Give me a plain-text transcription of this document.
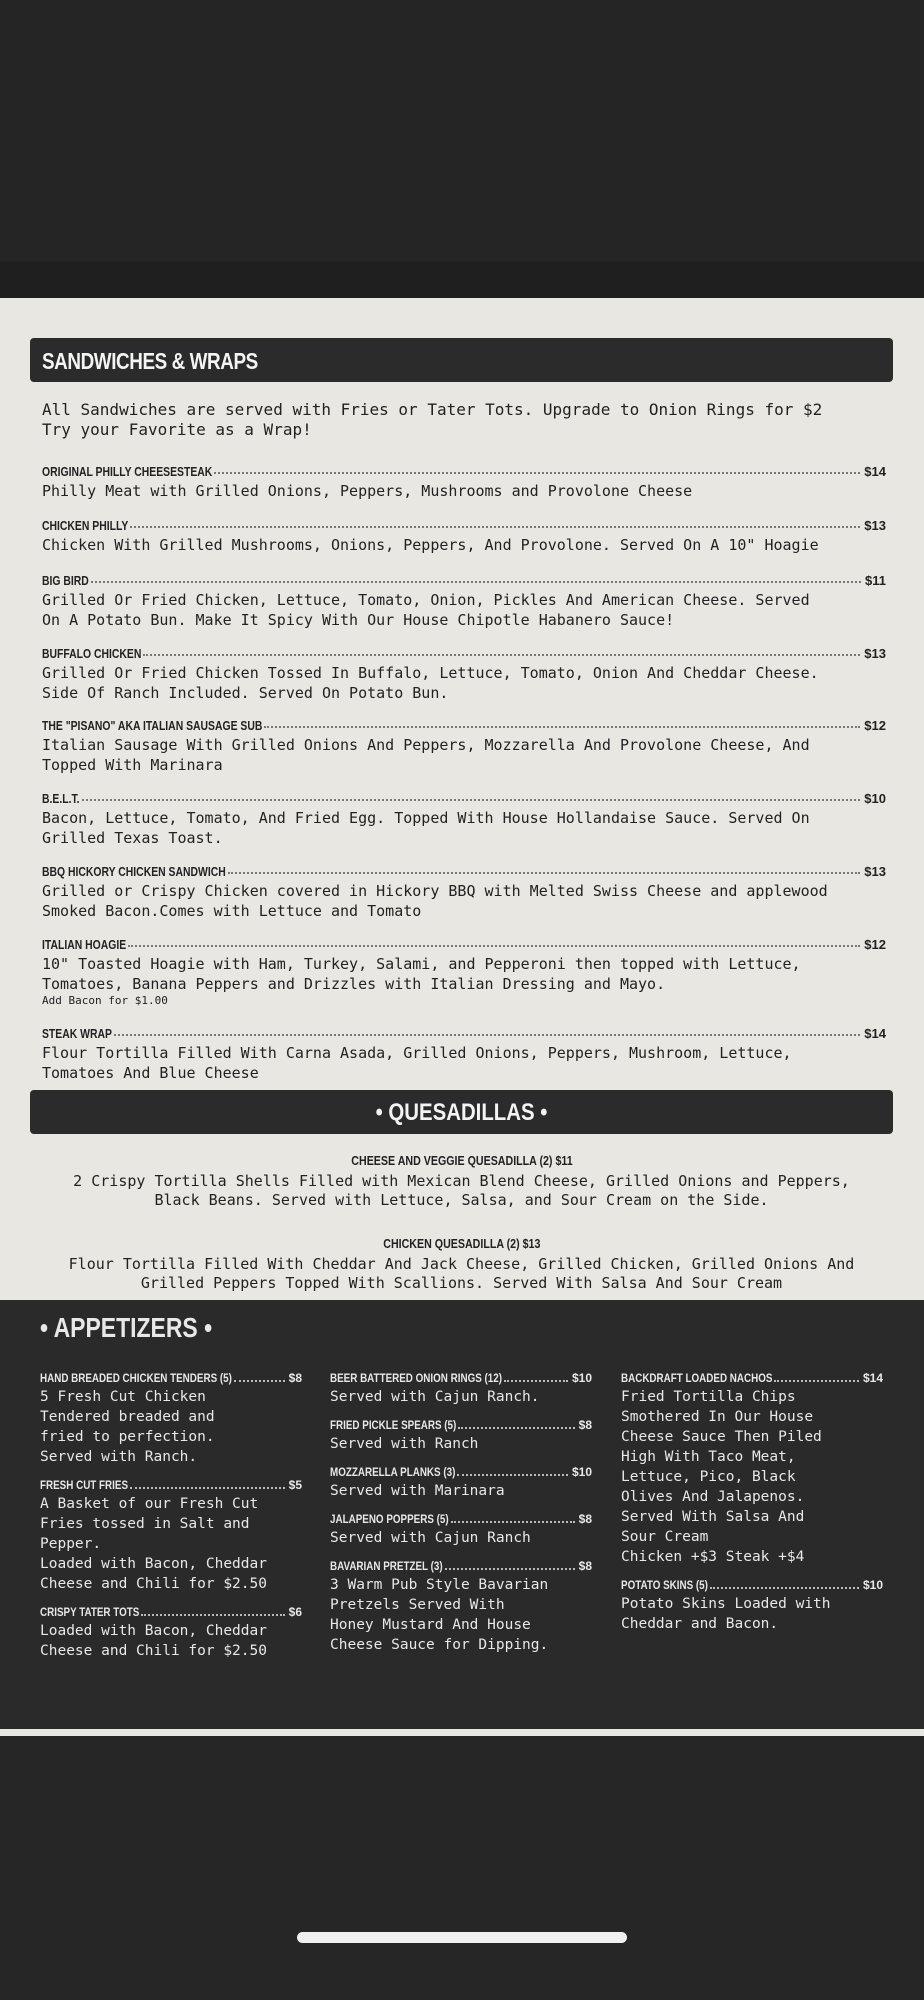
SANDWICHES & WRAPS
All Sandwiches are served with Fries or Tater Tots. Upgrade to Onion Rings for $2
Try your Favorite as a Wrap!
ORIGINAL PHILLY CHEESESTEAK	$14
Philly Meat with Grilled Onions, Peppers, Mushrooms and Provolone Cheese
CHICKEN PHILLY	$13
Chicken With Grilled Mushrooms, Onions, Peppers, And Provolone. Served On A 10" Hoagie
BIG BIRD	$11
Grilled Or Fried Chicken, Lettuce, Tomato, Onion, Pickles And American Cheese. Served
On A Potato Bun. Make It Spicy With Our House Chipotle Habanero Sauce!
BUFFALO CHICKEN	$13
Grilled Or Fried Chicken Tossed In Buffalo, Lettuce, Tomato, Onion And Cheddar Cheese.
Side Of Ranch Included. Served On Potato Bun.
THE "PISANO" AKA ITALIAN SAUSAGE SUB	$12
Italian Sausage With Grilled Onions And Peppers, Mozzarella And Provolone Cheese, And
Topped With Marinara
B.E.L.T.	$10
Bacon, Lettuce, Tomato, And Fried Egg. Topped With House Hollandaise Sauce. Served On
Grilled Texas Toast.
BBQ HICKORY CHICKEN SANDWICH	$13
Grilled or Crispy Chicken covered in Hickory BBQ with Melted Swiss Cheese and applewood
Smoked Bacon.Comes with Lettuce and Tomato
ITALIAN HOAGIE	$12
10" Toasted Hoagie with Ham, Turkey, Salami, and Pepperoni then topped with Lettuce,
Tomatoes, Banana Peppers and Drizzles with Italian Dressing and Mayo.
Add Bacon for $1.00
STEAK WRAP	$14
Flour Tortilla Filled With Carna Asada, Grilled Onions, Peppers, Mushroom, Lettuce,
Tomatoes And Blue Cheese
• QUESADILLAS •
CHEESE AND VEGGIE QUESADILLA (2) $11
2 Crispy Tortilla Shells Filled with Mexican Blend Cheese, Grilled Onions and Peppers,
Black Beans. Served with Lettuce, Salsa, and Sour Cream on the Side.
CHICKEN QUESADILLA (2) $13
Flour Tortilla Filled With Cheddar And Jack Cheese, Grilled Chicken, Grilled Onions And
Grilled Peppers Topped With Scallions. Served With Salsa And Sour Cream
• APPETIZERS •
HAND BREADED CHICKEN TENDERS (5)	$8
5 Fresh Cut Chicken
Tendered breaded and
fried to perfection.
Served with Ranch.
FRESH CUT FRIES	$5
A Basket of our Fresh Cut
Fries tossed in Salt and
Pepper.
Loaded with Bacon, Cheddar
Cheese and Chili for $2.50
CRISPY TATER TOTS	$6
Loaded with Bacon, Cheddar
Cheese and Chili for $2.50
BEER BATTERED ONION RINGS (12)	$10
Served with Cajun Ranch.
FRIED PICKLE SPEARS (5)	$8
Served with Ranch
MOZZARELLA PLANKS (3)	$10
Served with Marinara
JALAPENO POPPERS (5)	$8
Served with Cajun Ranch
BAVARIAN PRETZEL (3)	$8
3 Warm Pub Style Bavarian
Pretzels Served With
Honey Mustard And House
Cheese Sauce for Dipping.
BACKDRAFT LOADED NACHOS	$14
Fried Tortilla Chips
Smothered In Our House
Cheese Sauce Then Piled
High With Taco Meat,
Lettuce, Pico, Black
Olives And Jalapenos.
Served With Salsa And
Sour Cream
Chicken +$3 Steak +$4
POTATO SKINS (5)	$10
Potato Skins Loaded with
Cheddar and Bacon.
